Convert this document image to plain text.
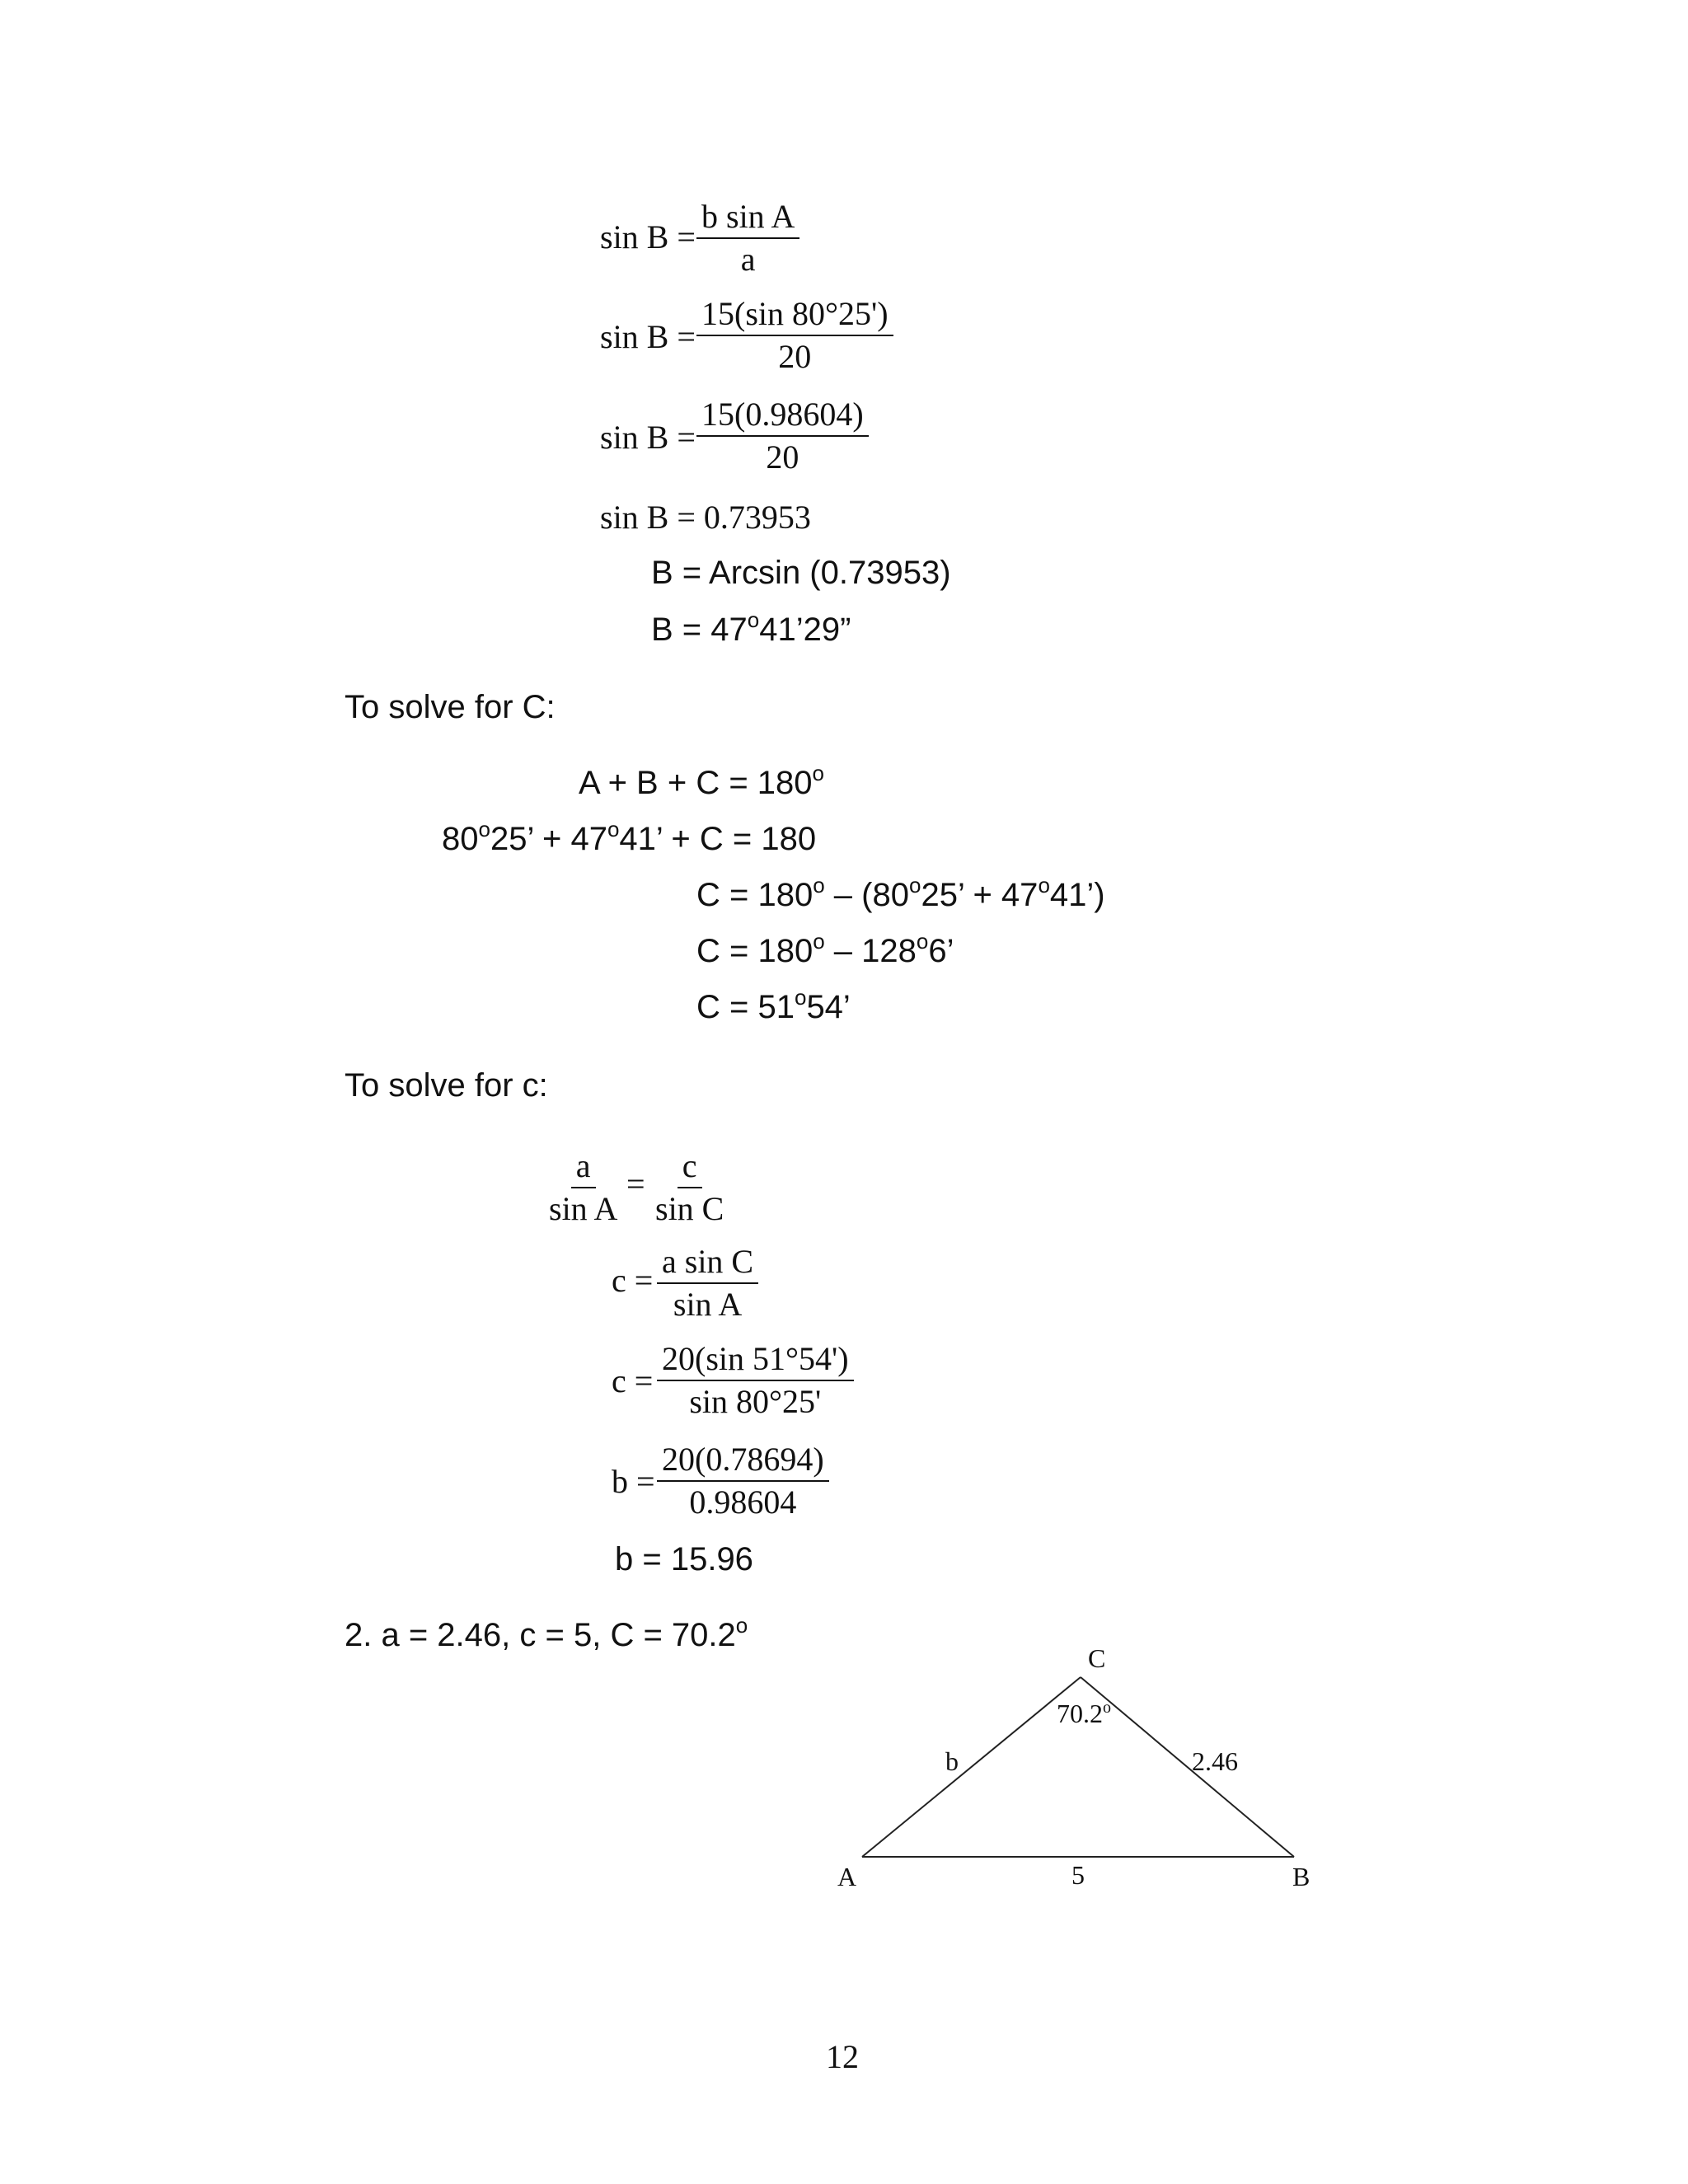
$\sin B = \frac{\text{b sin A}}{a}$
$\sin B = \frac{15(\sin 80^\circ 25')}{20}$
$\sin B = \frac{15(0.98604)}{20}$
sin B = 0.73953
B = Arcsin (0.73953)
$B = 47^o41’29$”
To solve for C:
$A + B + C = 180^o$
$80^o25$’ + $47^o41$’ + C = 180
$C = 180^o - (80^o25$’ + $47^o41$’)
$C = 180^o - 128^o6$’
$C = 51^o54$’
To solve for c:
$\frac{a}{\text{sin A}} = \frac{c}{\text{sin C}}$
$c = \frac{\text{a sin C}}{\text{sin A}}$
$c = \frac{20(\sin 51^\circ 54')}{\sin 80^\circ 25'}$
$b = \frac{20(0.78694)}{0.98604}$
b = 15.96
2. a = 2.46, c = 5, $C = 70.2^o$
C
A	B
5
b	2.46
70.2$^o$
12
